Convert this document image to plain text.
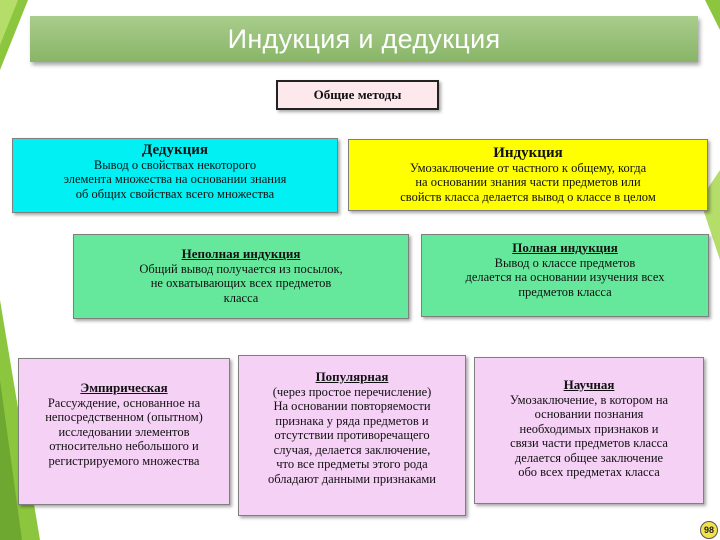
Индукция и дедукция
Общие методы
Дедукция
Вывод о свойствах некоторого
элемента множества на основании знания
об общих свойствах всего множества
Индукция
Умозаключение от частного к общему, когда
на основании знания части предметов или
свойств класса делается вывод о классе в целом
Неполная индукция
Общий вывод получается из посылок,
не охватывающих всех предметов
класса
Полная индукция
Вывод о классе предметов
делается на основании изучения всех
предметов класса
Эмпирическая
Рассуждение, основанное на
непосредственном (опытном)
исследовании элементов
относительно небольшого и
регистрируемого множества
Популярная
(через простое перечисление)
На основании повторяемости
признака у ряда предметов и
отсутствии противоречащего
случая, делается заключение,
что все предметы этого рода
обладают данными признаками
Научная
Умозаключение, в котором на
основании познания
необходимых признаков и
связи части предметов класса
делается общее заключение
обо всех предметах класса
98
